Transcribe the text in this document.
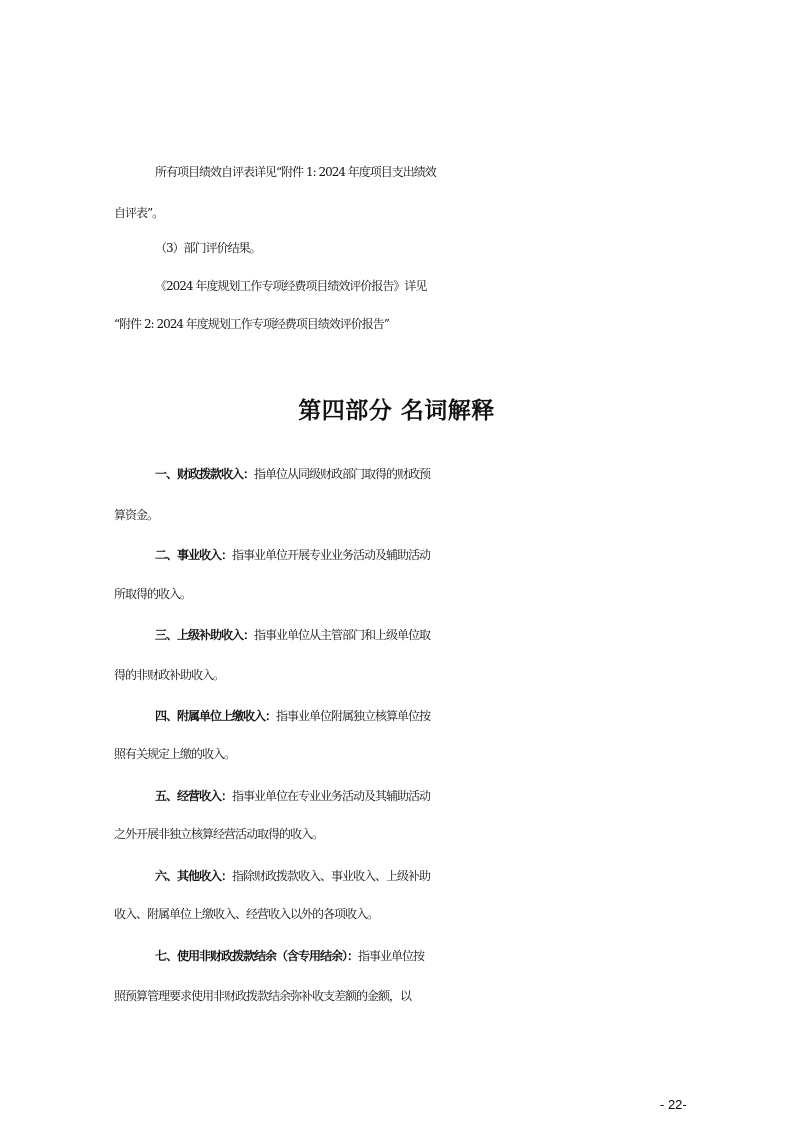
所有项目绩效自评表详见“附件 1: 2024 年度项目支出绩效
自评表”。
（3）部门评价结果。
《2024 年度规划工作专项经费项目绩效评价报告》详见
“附件 2: 2024 年度规划工作专项经费项目绩效评价报告”
第四部分 名词解释
一、财政拨款收入：指单位从同级财政部门取得的财政预
算资金。
二、事业收入：指事业单位开展专业业务活动及辅助活动
所取得的收入。
三、上级补助收入：指事业单位从主管部门和上级单位取
得的非财政补助收入。
四、附属单位上缴收入：指事业单位附属独立核算单位按
照有关规定上缴的收入。
五、经营收入：指事业单位在专业业务活动及其辅助活动
之外开展非独立核算经营活动取得的收入。
六、其他收入：指除财政拨款收入、事业收入、上级补助
收入、附属单位上缴收入、经营收入以外的各项收入。
七、使用非财政拨款结余（含专用结余）：指事业单位按
照预算管理要求使用非财政拨款结余弥补收支差额的金额，以
- 22-
